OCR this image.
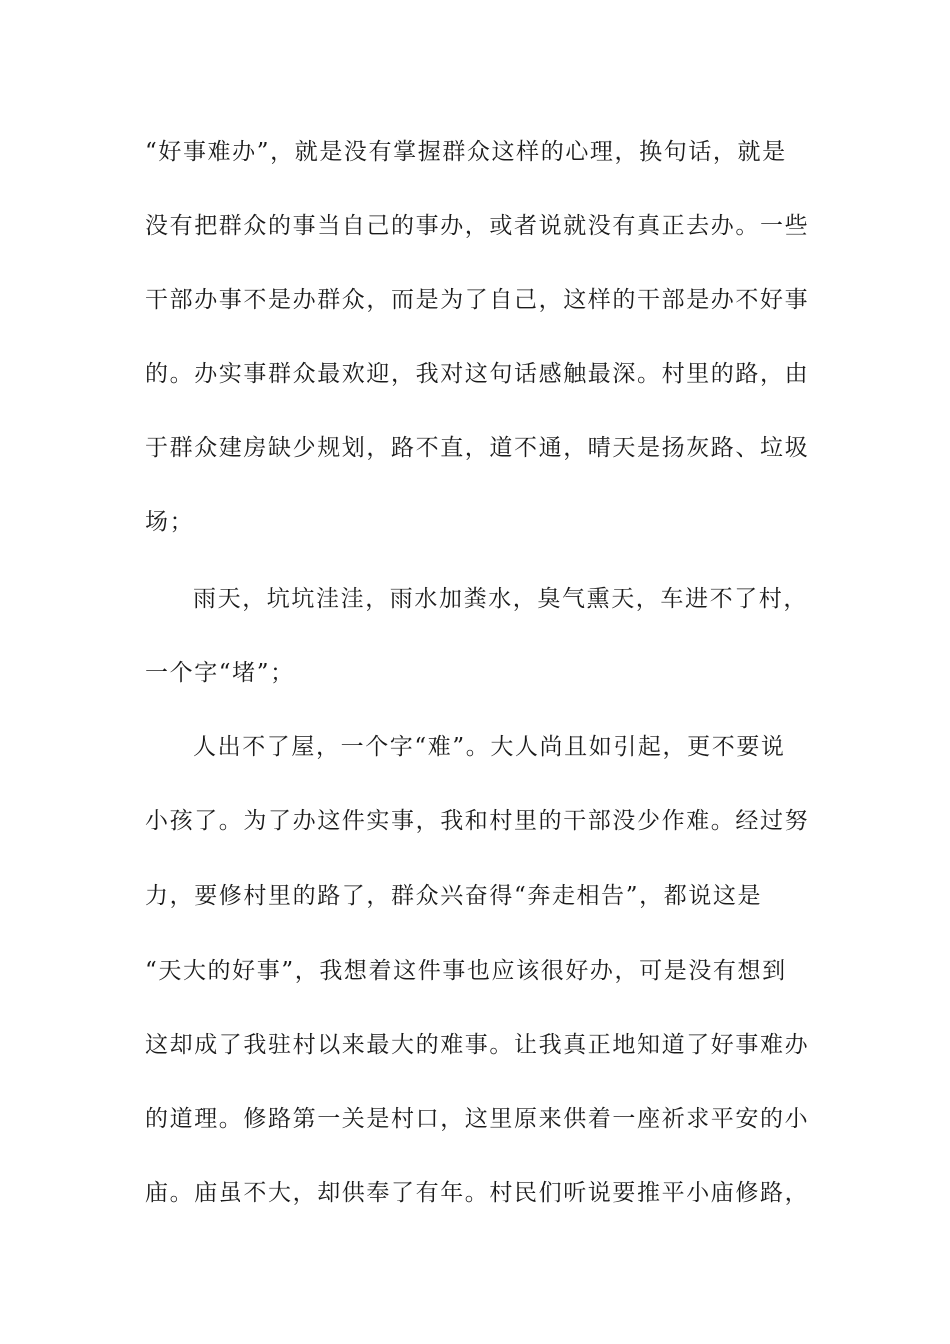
“好事难办”，就是没有掌握群众这样的心理，换句话，就是
没有把群众的事当自己的事办，或者说就没有真正去办。一些
干部办事不是办群众，而是为了自己，这样的干部是办不好事
的。办实事群众最欢迎，我对这句话感触最深。村里的路，由
于群众建房缺少规划，路不直，道不通，晴天是扬灰路、垃圾
场；
雨天，坑坑洼洼，雨水加粪水，臭气熏天，车进不了村，
一个字“堵”；
人出不了屋，一个字“难”。大人尚且如引起，更不要说
小孩了。为了办这件实事，我和村里的干部没少作难。经过努
力，要修村里的路了，群众兴奋得“奔走相告”，都说这是
“天大的好事”，我想着这件事也应该很好办，可是没有想到
这却成了我驻村以来最大的难事。让我真正地知道了好事难办
的道理。修路第一关是村口，这里原来供着一座祈求平安的小
庙。庙虽不大，却供奉了有年。村民们听说要推平小庙修路，
